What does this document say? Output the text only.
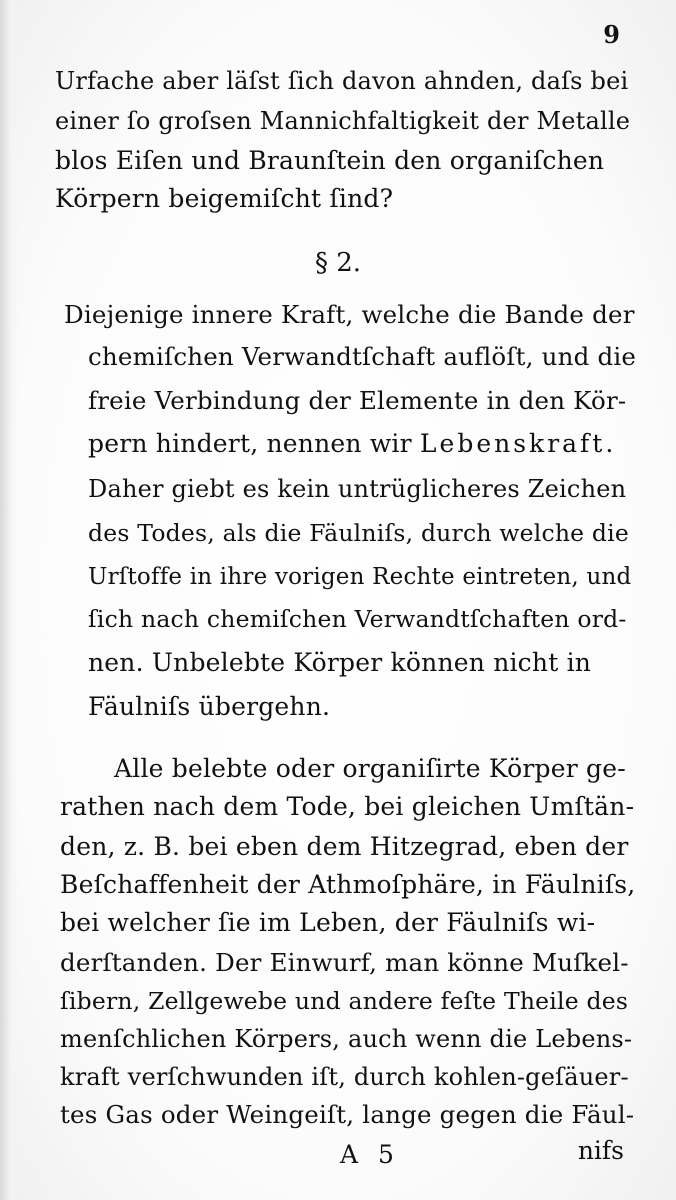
9
Urfache aber läſst ſich davon ahnden, daſs bei
einer ſo groſsen Mannichfaltigkeit der Metalle
blos Eiſen und Braunſtein den organiſchen
Körpern beigemiſcht ſind?
§ 2.
Diejenige innere Kraft, welche die Bande der
chemiſchen Verwandtſchaft auflöſt, und die
freie Verbindung der Elemente in den Kör-
pern hindert, nennen wir Lebenskraft.
Daher giebt es kein untrüglicheres Zeichen
des Todes, als die Fäulniſs, durch welche die
Urſtoffe in ihre vorigen Rechte eintreten, und
ſich nach chemiſchen Verwandtſchaften ord-
nen. Unbelebte Körper können nicht in
Fäulniſs übergehn.
Alle belebte oder organiſirte Körper ge-
rathen nach dem Tode, bei gleichen Umſtän-
den, z. B. bei eben dem Hitzegrad, eben der
Beſchaffenheit der Athmoſphäre, in Fäulniſs,
bei welcher ſie im Leben, der Fäulniſs wi-
derſtanden. Der Einwurf, man könne Muſkel-
ſibern, Zellgewebe und andere feſte Theile des
menſchlichen Körpers, auch wenn die Lebens-
kraft verſchwunden iſt, durch kohlen-geſäuer-
tes Gas oder Weingeiſt, lange gegen die Fäul-
A 5	nifs
